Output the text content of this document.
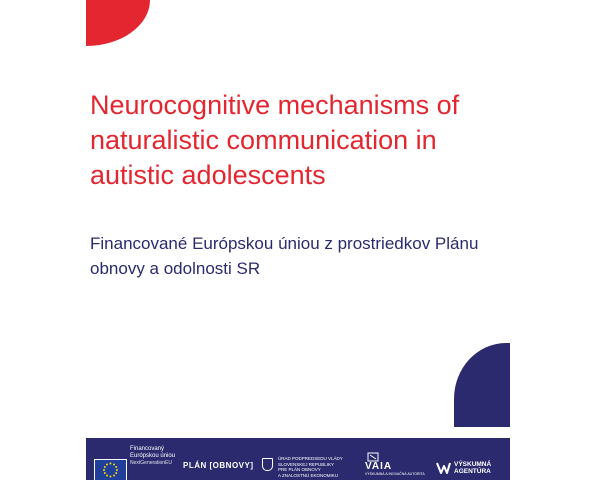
Neurocognitive mechanisms of naturalistic communication in autistic adolescents

Financované Európskou úniou z prostriedkov Plánu obnovy a odolnosti SR

Financovaný
Európskou úniou
NextGenerationEU	PLÁN [OBNOVY]
ÚRAD PODPREDSEDU VLÁDY
SLOVENSKEJ REPUBLIKY
PRE PLÁN OBNOVY
A ZNALOSTNÚ EKONOMIKU
VAIA
VÝSKUMNÁ A INOVAČNÁ AUTORITA
VÝSKUMNÁ
AGENTÚRA
